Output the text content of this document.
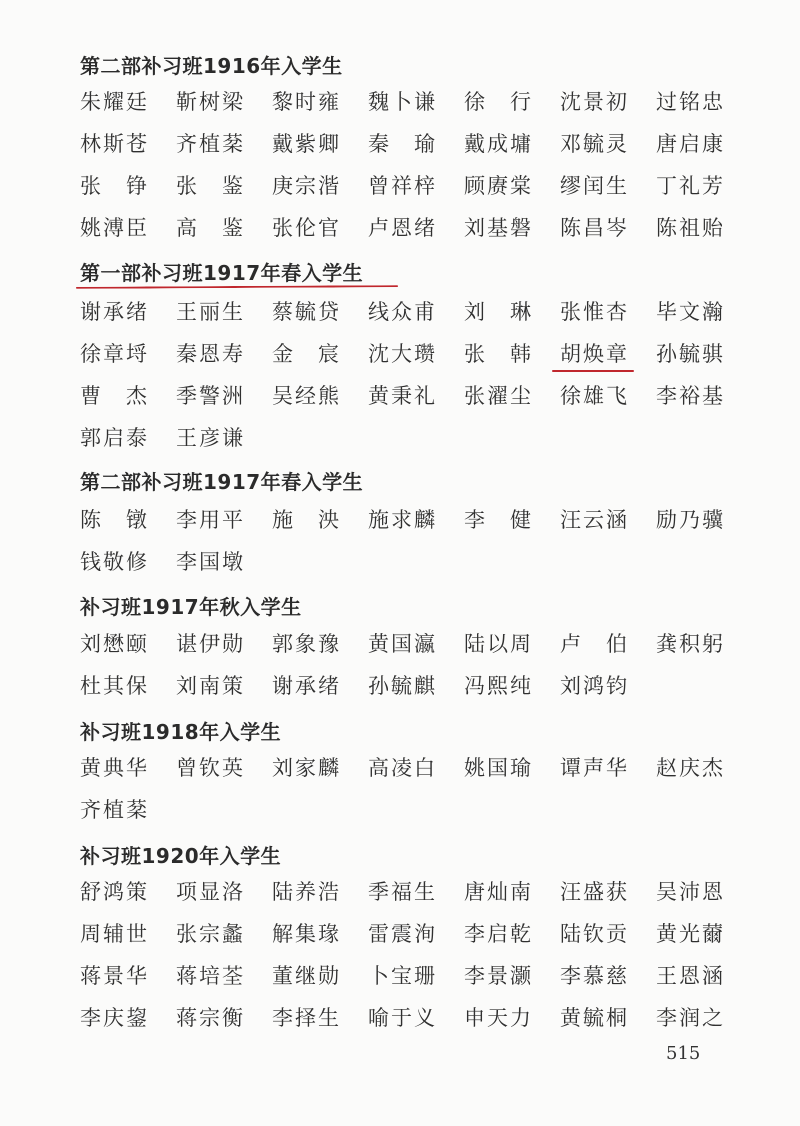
第二部补习班1916年入学生
朱耀廷 靳树梁 黎时雍 魏卜谦 徐　行 沈景初 过铭忠
林斯苍 齐植棻 戴紫卿 秦　瑜 戴成墉 邓毓灵 唐启康
张　铮 张　鉴 庚宗湝 曾祥梓 顾赓棠 缪闰生 丁礼芳
姚溥臣 高　鉴 张伦官 卢恩绪 刘基磐 陈昌岑 陈祖贻
第一部补习班1917年春入学生
谢承绪 王丽生 蔡毓贷 线众甫 刘　琳 张惟杏 毕文瀚
徐章埒 秦恩寿 金　宸 沈大瓒 张　韩 胡焕章 孙毓骐
曹　杰 季警洲 吴经熊 黄秉礼 张濯尘 徐雄飞 李裕基
郭启泰 王彦谦
第二部补习班1917年春入学生
陈　镦 李用平 施　泱 施求麟 李　健 汪云涵 励乃骥
钱敬修 李国墩
补习班1917年秋入学生
刘懋颐 谌伊勋 郭象豫 黄国瀛 陆以周 卢　伯 龚积躬
杜其保 刘南策 谢承绪 孙毓麒 冯熙纯 刘鸿钧
补习班1918年入学生
黄典华 曾钦英 刘家麟 高凌白 姚国瑜 谭声华 赵庆杰
齐植棻
补习班1920年入学生
舒鸿策 项显洛 陆养浩 季福生 唐灿南 汪盛获 吴沛恩
周辅世 张宗蠡 解集瑑 雷震洵 李启乾 陆钦贡 黄光薾
蒋景华 蒋培荃 董继勋 卜宝珊 李景灏 李慕慈 王恩涵
李庆鋆 蒋宗衡 李择生 喻于义 申天力 黄毓桐 李润之
515
